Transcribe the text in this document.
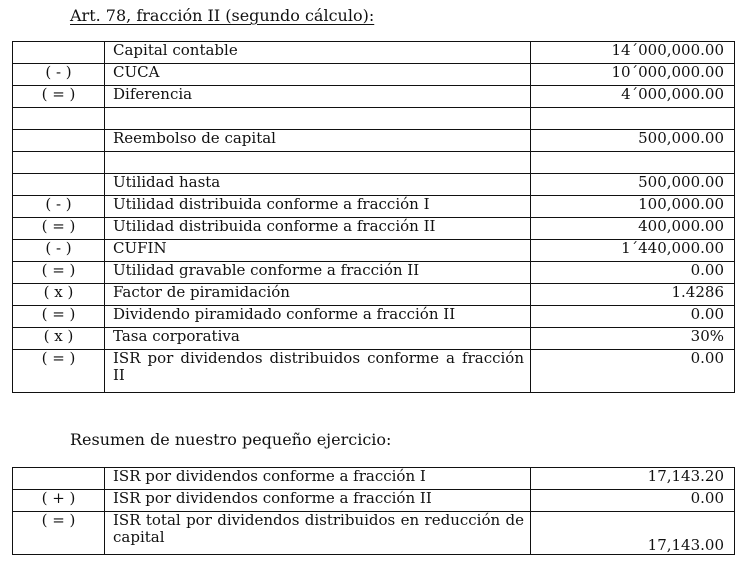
Art. 78, fracción II (segundo cálculo):
	Capital contable	14´000,000.00
( - )	CUCA	10´000,000.00
( = )	Diferencia	4´000,000.00

	Reembolso de capital	500,000.00

	Utilidad hasta	500,000.00
( - )	Utilidad distribuida conforme a fracción I	100,000.00
( = )	Utilidad distribuida conforme a fracción II	400,000.00
( - )	CUFIN	1´440,000.00
( = )	Utilidad gravable conforme a fracción II	0.00
( x )	Factor de piramidación	1.4286
( = )	Dividendo piramidado conforme a fracción II	0.00
( x )	Tasa corporativa	30%
( = )	ISR por dividendos distribuidos conforme a fracción II	0.00
Resumen de nuestro pequeño ejercicio:
	ISR por dividendos conforme a fracción I	17,143.20
( + )	ISR por dividendos conforme a fracción II	0.00
( = )	ISR total por dividendos distribuidos en reducción de capital	17,143.00
